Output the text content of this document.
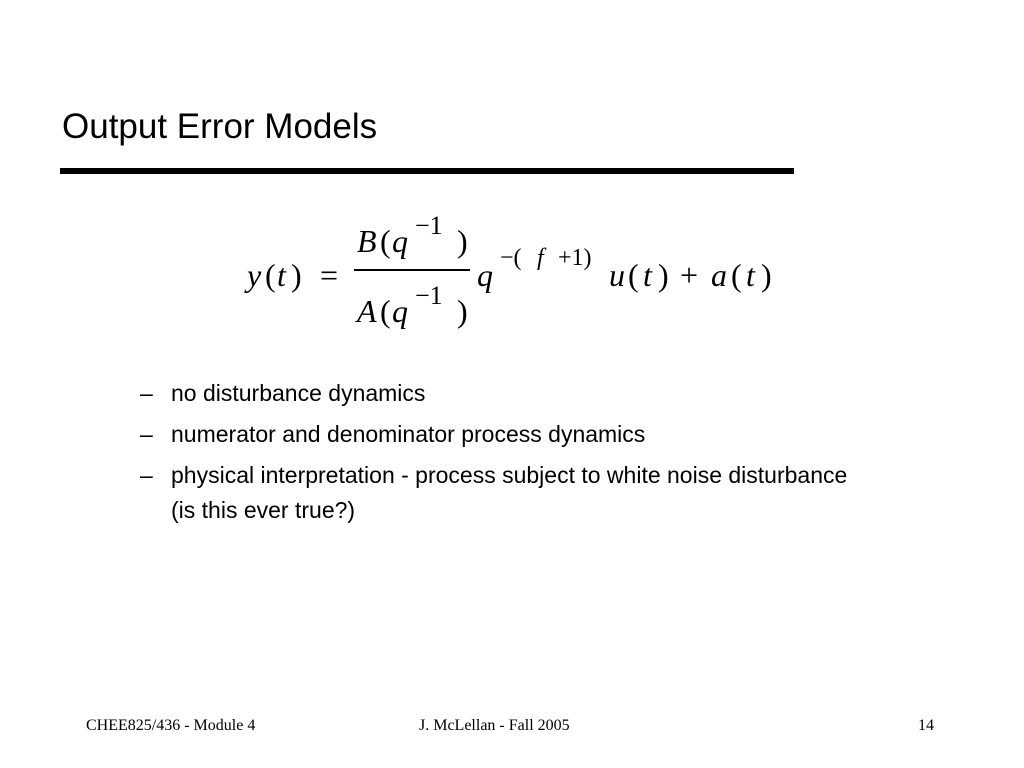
Output Error Models
y ( t ) =
B ( q −1 )
A ( q −1 )
q −( f +1) u ( t ) + a ( t )
– no disturbance dynamics
– numerator and denominator process dynamics
– physical interpretation - process subject to white noise disturbance (is this ever true?)
CHEE825/436 - Module 4	J. McLellan - Fall 2005	14
